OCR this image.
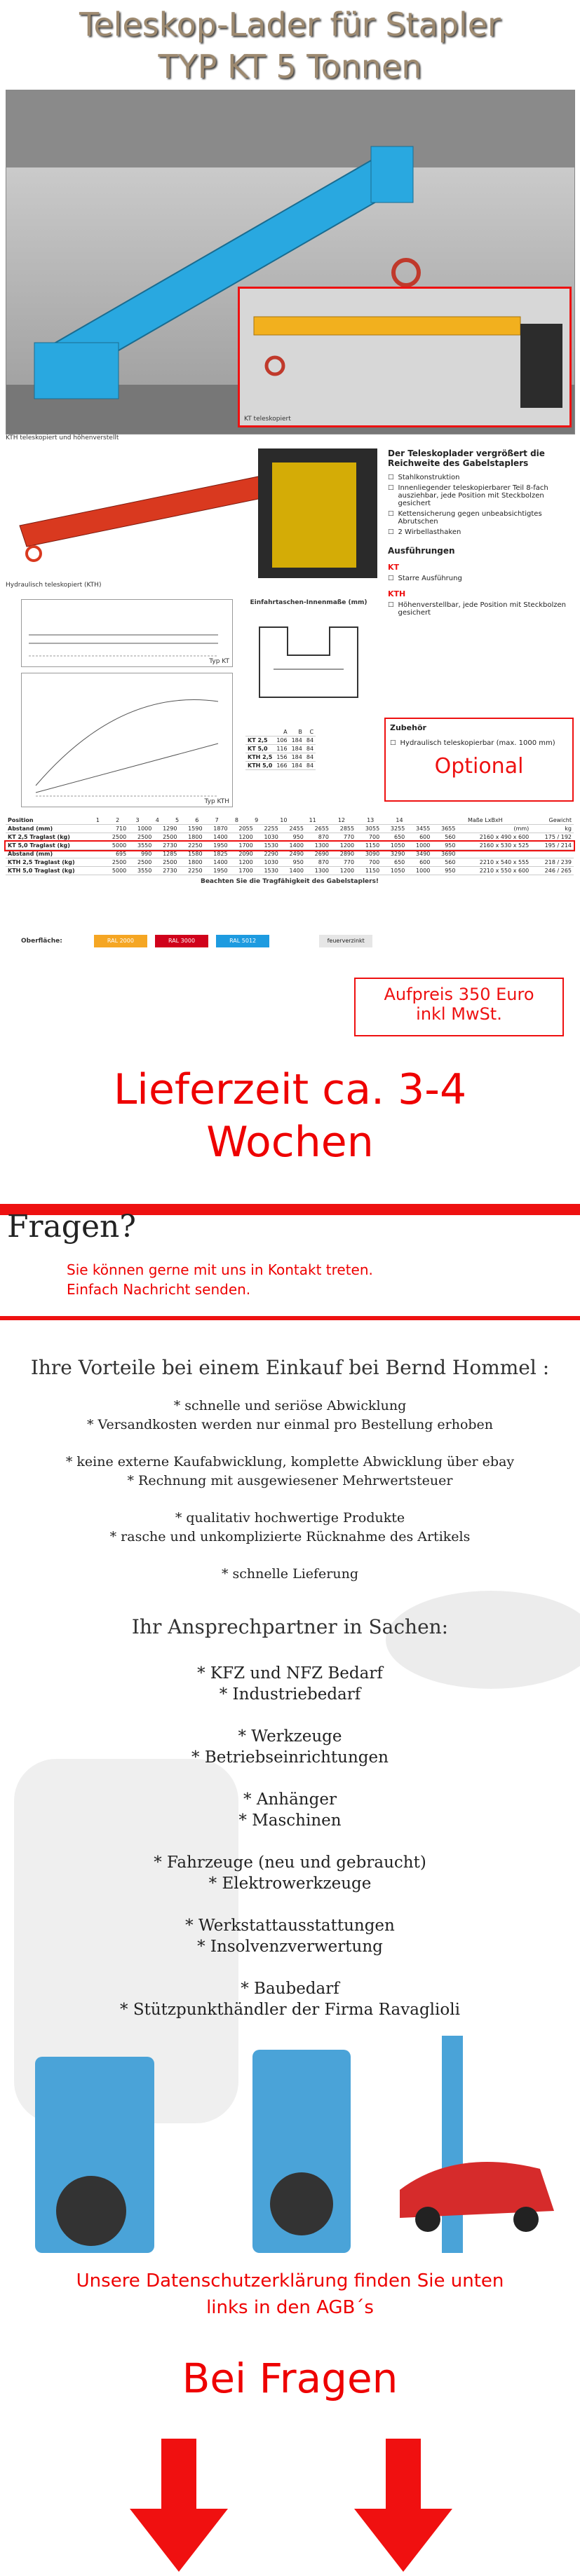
Teleskop-Lader für Stapler
TYP KT 5 Tonnen
KT teleskopiert
KTH teleskopiert und höhenverstellt
Hydraulisch teleskopiert (KTH)
Der Teleskoplader vergrößert die Reichweite des Gabelstaplers
□ Stahlkonstruktion
□ Innenliegender teleskopierbarer Teil 8-fach ausziehbar, jede Position mit Steckbolzen gesichert
□ Kettensicherung gegen unbeabsichtigtes Abrutschen
□ 2 Wirbellasthaken
Ausführungen
KT
□ Starre Ausführung
KTH
□ Höhenverstellbar, jede Position mit Steckbolzen gesichert
Zubehör
□ Hydraulisch teleskopierbar (max. 1000 mm)
Optional
Typ KT
Typ KTH
Einfahrtaschen-Innenmaße (mm)
	A	B	C
KT 2,5	106	184	84
KT 5,0	116	184	84
KTH 2,5	156	184	84
KTH 5,0	166	184	84
Position	1	2	3	4	5	6	7	8	9	10	11	12	13	14	Maße LxBxH	Gewicht
Abstand (mm)	710	1000	1290	1590	1870	2055	2255	2455	2655	2855	3055	3255	3455	3655	(mm)	kg
KT 2,5 Traglast (kg)	2500	2500	2500	1800	1400	1200	1030	950	870	770	700	650	600	560	2160 x 490 x 600	175 / 192
KT 5,0 Traglast (kg)	5000	3550	2730	2250	1950	1700	1530	1400	1300	1200	1150	1050	1000	950	2160 x 530 x 525	195 / 214
Abstand (mm)	695	990	1285	1580	1825	2090	2290	2490	2690	2890	3090	3290	3490	3690		
KTH 2,5 Traglast (kg)	2500	2500	2500	1800	1400	1200	1030	950	870	770	700	650	600	560	2210 x 540 x 555	218 / 239
KTH 5,0 Traglast (kg)	5000	3550	2730	2250	1950	1700	1530	1400	1300	1200	1150	1050	1000	950	2210 x 550 x 600	246 / 265
Beachten Sie die Tragfähigkeit des Gabelstaplers!
Oberfläche:	RAL 2000	RAL 3000	RAL 5012	feuerverzinkt
Aufpreis 350 Euro
inkl MwSt.
Lieferzeit ca. 3-4
Wochen
Fragen?
Sie können gerne mit uns in Kontakt treten.
Einfach Nachricht senden.
Ihre Vorteile bei einem Einkauf bei Bernd Hommel :
* schnelle und seriöse Abwicklung
* Versandkosten werden nur einmal pro Bestellung erhoben
* keine externe Kaufabwicklung, komplette Abwicklung über ebay
* Rechnung mit ausgewiesener Mehrwertsteuer
* qualitativ hochwertige Produkte
* rasche und unkomplizierte Rücknahme des Artikels
* schnelle Lieferung
Ihr Ansprechpartner in Sachen:
* KFZ und NFZ Bedarf
* Industriebedarf
* Werkzeuge
* Betriebseinrichtungen
* Anhänger
* Maschinen
* Fahrzeuge (neu und gebraucht)
* Elektrowerkzeuge
* Werkstattausstattungen
* Insolvenzverwertung
* Baubedarf
* Stützpunkthändler der Firma Ravaglioli
Unsere Datenschutzerklärung finden Sie unten
links in den AGB´s
Bei Fragen
